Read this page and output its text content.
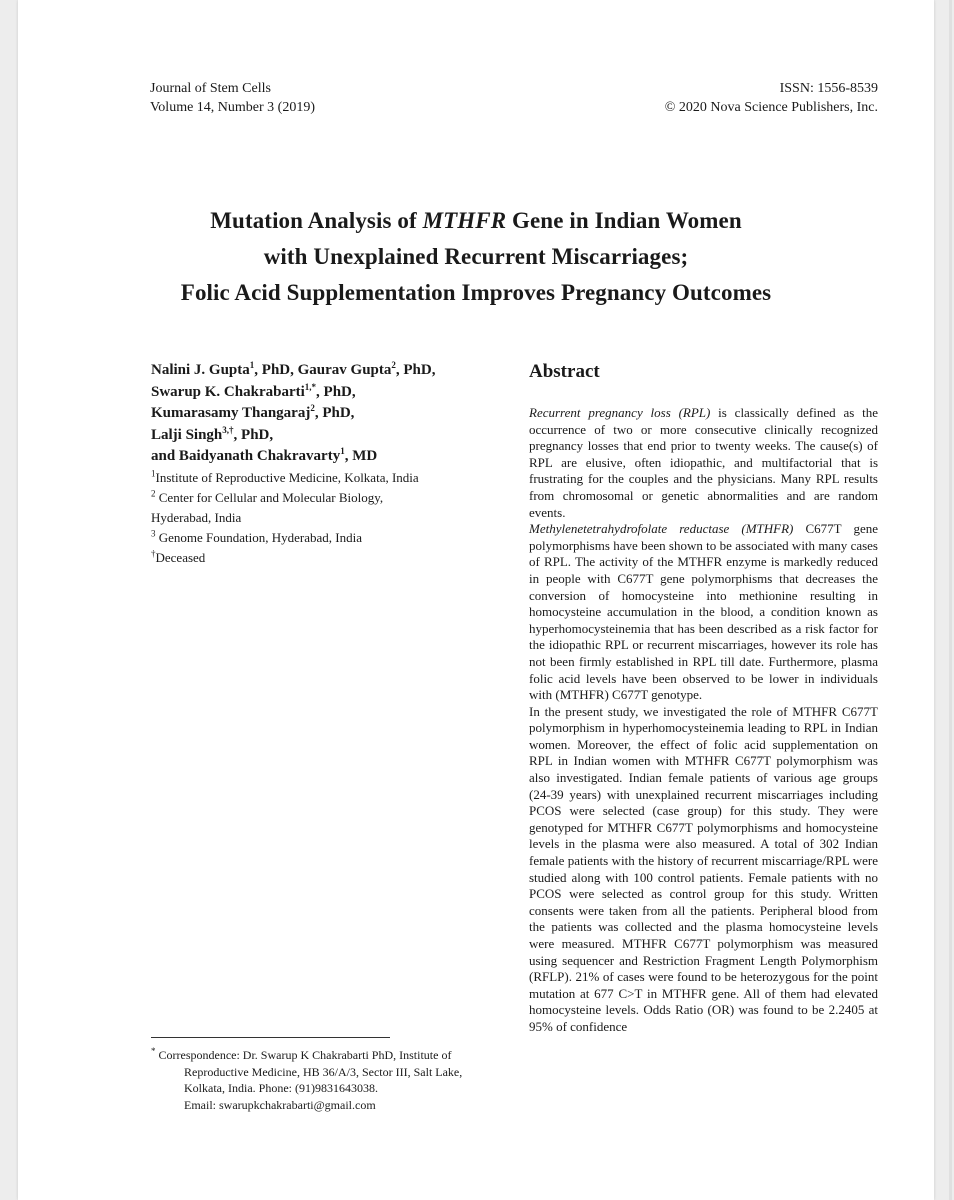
Journal of Stem Cells
Volume 14, Number 3 (2019)
ISSN: 1556-8539
© 2020 Nova Science Publishers, Inc.
Mutation Analysis of MTHFR Gene in Indian Women
with Unexplained Recurrent Miscarriages;
Folic Acid Supplementation Improves Pregnancy Outcomes
Nalini J. Gupta$^1$, PhD, Gaurav Gupta$^2$, PhD,
Swarup K. Chakrabarti$^{1,*}$, PhD,
Kumarasamy Thangaraj$^2$, PhD,
Lalji Singh$^{3,\dagger}$, PhD,
and Baidyanath Chakravarty$^1$, MD
$^1$Institute of Reproductive Medicine, Kolkata, India
$^2$ Center for Cellular and Molecular Biology,
Hyderabad, India
$^3$ Genome Foundation, Hyderabad, India
†Deceased
Abstract

Recurrent pregnancy loss (RPL) is classically defined as the occurrence of two or more consecutive clinically recognized pregnancy losses that end prior to twenty weeks. The cause(s) of RPL are elusive, often idiopathic, and multifactorial that is frustrating for the couples and the physicians. Many RPL results from chromosomal or genetic abnormalities and are random events.

Methylenetetrahydrofolate reductase (MTHFR) C677T gene polymorphisms have been shown to be associated with many cases of RPL. The activity of the MTHFR enzyme is markedly reduced in people with C677T gene polymorphisms that decreases the conversion of homocysteine into methionine resulting in homocysteine accumulation in the blood, a condition known as hyperhomocysteinemia that has been described as a risk factor for the idiopathic RPL or recurrent miscarriages, however its role has not been firmly established in RPL till date. Furthermore, plasma folic acid levels have been observed to be lower in individuals with (MTHFR) C677T genotype.

In the present study, we investigated the role of MTHFR C677T polymorphism in hyperhomocysteinemia leading to RPL in Indian women. Moreover, the effect of folic acid supplementation on RPL in Indian women with MTHFR C677T polymorphism was also investigated. Indian female patients of various age groups (24-39 years) with unexplained recurrent miscarriages including PCOS were selected (case group) for this study. They were genotyped for MTHFR C677T polymorphisms and homocysteine levels in the plasma were also measured. A total of 302 Indian female patients with the history of recurrent miscarriage/RPL were studied along with 100 control patients. Female patients with no PCOS were selected as control group for this study. Written consents were taken from all the patients. Peripheral blood from the patients was collected and the plasma homocysteine levels were measured. MTHFR C677T polymorphism was measured using sequencer and Restriction Fragment Length Polymorphism (RFLP). 21% of cases were found to be heterozygous for the point mutation at 677 C>T in MTHFR gene. All of them had elevated homocysteine levels. Odds Ratio (OR) was found to be 2.2405 at 95% of confidence

* Correspondence: Dr. Swarup K Chakrabarti PhD, Institute of
Reproductive Medicine, HB 36/A/3, Sector III, Salt Lake,
Kolkata, India. Phone: (91)9831643038.
Email: swarupkchakrabarti@gmail.com
